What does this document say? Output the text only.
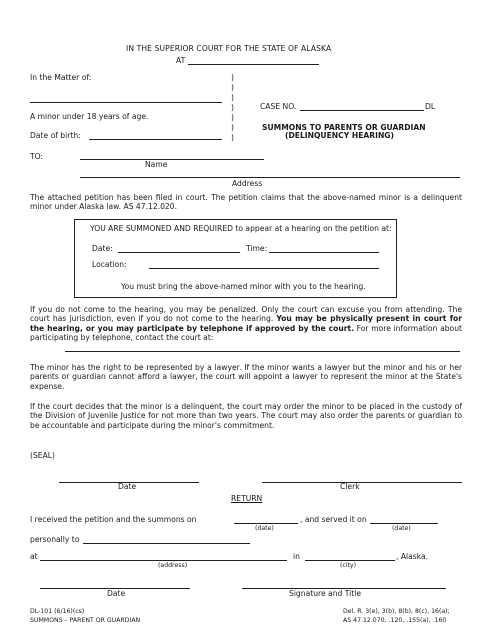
IN THE SUPERIOR COURT FOR THE STATE OF ALASKA
AT
In the Matter of:
A minor under 18 years of age.
Date of birth:
)
)
)
)
)
)
)
CASE NO.	DL
SUMMONS TO PARENTS OR GUARDIAN
(DELINQUENCY HEARING)
TO:
Name
Address
The attached petition has been filed in court. The petition claims that the above-named minor is a delinquent minor under Alaska law. AS 47.12.020.
YOU ARE SUMMONED AND REQUIRED to appear at a hearing on the petition at:
Date:	Time:
Location:
You must bring the above-named minor with you to the hearing.
If you do not come to the hearing, you may be penalized. Only the court can excuse you from attending. The court has jurisdiction, even if you do not come to the hearing. You may be physically present in court for the hearing, or you may participate by telephone if approved by the court. For more information about participating by telephone, contact the court at:
The minor has the right to be represented by a lawyer. If the minor wants a lawyer but the minor and his or her parents or guardian cannot afford a lawyer, the court will appoint a lawyer to represent the minor at the State's expense.
If the court decides that the minor is a delinquent, the court may order the minor to be placed in the custody of the Division of Juvenile Justice for not more than two years. The court may also order the parents or guardian to be accountable and participate during the minor's commitment.
(SEAL)
Date	Clerk
RETURN
I received the petition and the summons on	, and served it on
(date)	(date)
personally to
at	in	, Alaska.
(address)	(city)
Date	Signature and Title
DL-101 (6/16)(cs)
SUMMONS – PARENT OR GUARDIAN
Del. R. 3(e), 3(b), 8(b), 8(c), 16(a);
AS 47.12.070, .120, .155(a), .160
